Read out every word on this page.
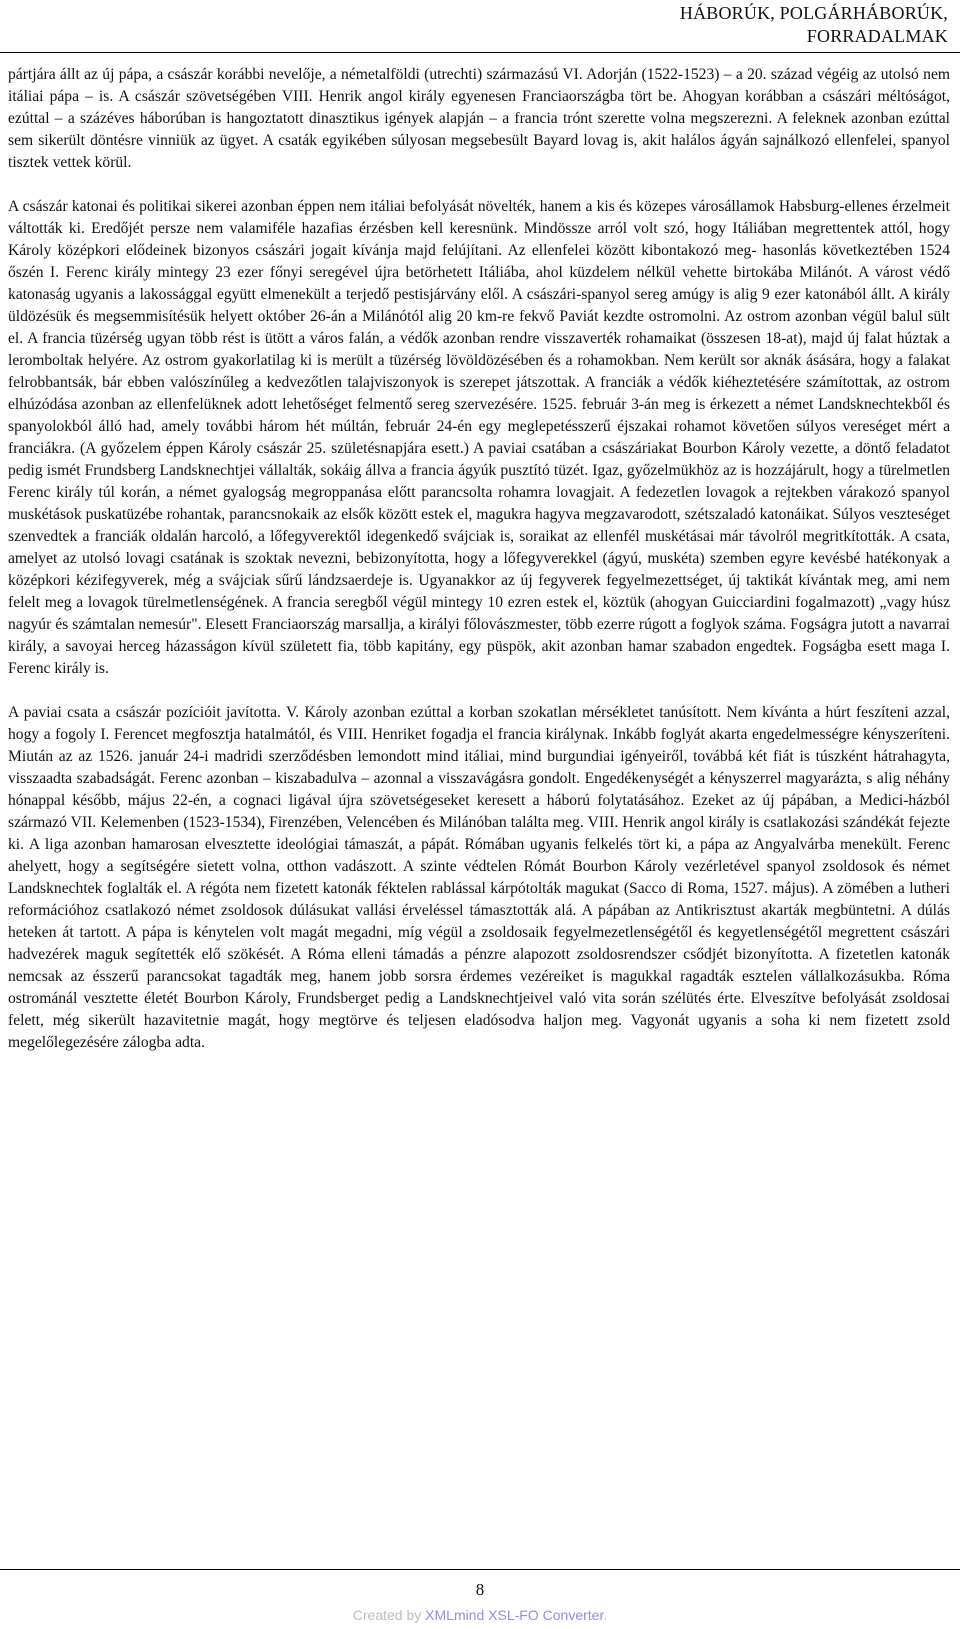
HÁBORÚK, POLGÁRHÁBORÚK,
FORRADALMAK

pártjára állt az új pápa, a császár korábbi nevelője, a németalföldi (utrechti) származású VI. Adorján (1522-1523) – a 20. század végéig az utolsó nem itáliai pápa – is. A császár szövetségében VIII. Henrik angol király egyenesen Franciaországba tört be. Ahogyan korábban a császári méltóságot, ezúttal – a százéves háborúban is hangoztatott dinasztikus igények alapján – a francia trónt szerette volna megszerezni. A feleknek azonban ezúttal sem sikerült döntésre vinniük az ügyet. A csaták egyikében súlyosan megsebesült Bayard lovag is, akit halálos ágyán sajnálkozó ellenfelei, spanyol tisztek vettek körül.

A császár katonai és politikai sikerei azonban éppen nem itáliai befolyását növelték, hanem a kis és közepes városállamok Habsburg-ellenes érzelmeit váltották ki. Eredőjét persze nem valamiféle hazafias érzésben kell keresnünk. Mindössze arról volt szó, hogy Itáliában megrettentek attól, hogy Károly középkori elődeinek bizonyos császári jogait kívánja majd felújítani. Az ellenfelei között kibontakozó meg- hasonlás következtében 1524 őszén I. Ferenc király mintegy 23 ezer főnyi seregével újra betörhetett Itáliába, ahol küzdelem nélkül vehette birtokába Milánót. A várost védő katonaság ugyanis a lakossággal együtt elmenekült a terjedő pestisjárvány elől. A császári-spanyol sereg amúgy is alig 9 ezer katonából állt. A király üldözésük és megsemmisítésük helyett október 26-án a Milánótól alig 20 km-re fekvő Paviát kezdte ostromolni. Az ostrom azonban végül balul sült el. A francia tüzérség ugyan több rést is ütött a város falán, a védők azonban rendre visszaverték rohamaikat (összesen 18-at), majd új falat húztak a leromboltak helyére. Az ostrom gyakorlatilag ki is merült a tüzérség lövöldözésében és a rohamokban. Nem került sor aknák ásására, hogy a falakat felrobbantsák, bár ebben valószínűleg a kedvezőtlen talajviszonyok is szerepet játszottak. A franciák a védők kiéheztetésére számítottak, az ostrom elhúzódása azonban az ellenfelüknek adott lehetőséget felmentő sereg szervezésére. 1525. február 3-án meg is érkezett a német Landsknechtekből és spanyolokból álló had, amely további három hét múltán, február 24-én egy meglepetésszerű éjszakai rohamot követően súlyos vereséget mért a franciákra. (A győzelem éppen Károly császár 25. születésnapjára esett.) A paviai csatában a császáriakat Bourbon Károly vezette, a döntő feladatot pedig ismét Frundsberg Landsknechtjei vállalták, sokáig állva a francia ágyúk pusztító tüzét. Igaz, győzelmükhöz az is hozzájárult, hogy a türelmetlen Ferenc király túl korán, a német gyalogság megroppanása előtt parancsolta rohamra lovagjait. A fedezetlen lovagok a rejtekben várakozó spanyol muskétások puskatüzébe rohantak, parancsnokaik az elsők között estek el, magukra hagyva megzavarodott, szétszaladó katonáikat. Súlyos veszteséget szenvedtek a franciák oldalán harcoló, a lőfegyverektől idegenkedő svájciak is, soraikat az ellenfél muskétásai már távolról megritkították. A csata, amelyet az utolsó lovagi csatának is szoktak nevezni, bebizonyította, hogy a lőfegyverekkel (ágyú, muskéta) szemben egyre kevésbé hatékonyak a középkori kézifegyverek, még a svájciak sűrű lándzsaerdeje is. Ugyanakkor az új fegyverek fegyelmezettséget, új taktikát kívántak meg, ami nem felelt meg a lovagok türelmetlenségének. A francia seregből végül mintegy 10 ezren estek el, köztük (ahogyan Guicciardini fogalmazott) „vagy húsz nagyúr és számtalan nemesúr". Elesett Franciaország marsallja, a királyi főlovászmester, több ezerre rúgott a foglyok száma. Fogságra jutott a navarrai király, a savoyai herceg házasságon kívül született fia, több kapitány, egy püspök, akit azonban hamar szabadon engedtek. Fogságba esett maga I. Ferenc király is.

A paviai csata a császár pozícióit javította. V. Károly azonban ezúttal a korban szokatlan mérsékletet tanúsított. Nem kívánta a húrt feszíteni azzal, hogy a fogoly I. Ferencet megfosztja hatalmától, és VIII. Henriket fogadja el francia királynak. Inkább foglyát akarta engedelmességre kényszeríteni. Miután az az 1526. január 24-i madridi szerződésben lemondott mind itáliai, mind burgundiai igényeiről, továbbá két fiát is túszként hátrahagyta, visszaadta szabadságát. Ferenc azonban – kiszabadulva – azonnal a visszavágásra gondolt. Engedékenységét a kényszerrel magyarázta, s alig néhány hónappal később, május 22-én, a cognaci ligával újra szövetségeseket keresett a háború folytatásához. Ezeket az új pápában, a Medici-házból származó VII. Kelemenben (1523-1534), Firenzében, Velencében és Milánóban találta meg. VIII. Henrik angol király is csatlakozási szándékát fejezte ki. A liga azonban hamarosan elvesztette ideológiai támaszát, a pápát. Rómában ugyanis felkelés tört ki, a pápa az Angyalvárba menekült. Ferenc ahelyett, hogy a segítségére sietett volna, otthon vadászott. A szinte védtelen Rómát Bourbon Károly vezérletével spanyol zsoldosok és német Landsknechtek foglalták el. A régóta nem fizetett katonák féktelen rablással kárpótolták magukat (Sacco di Roma, 1527. május). A zömében a lutheri reformációhoz csatlakozó német zsoldosok dúlásukat vallási érveléssel támasztották alá. A pápában az Antikrisztust akarták megbüntetni. A dúlás heteken át tartott. A pápa is kénytelen volt magát megadni, míg végül a zsoldosaik fegyelmezetlenségétől és kegyetlenségétől megrettent császári hadvezérek maguk segítették elő szökését. A Róma elleni támadás a pénzre alapozott zsoldosrendszer csődjét bizonyította. A fizetetlen katonák nemcsak az ésszerű parancsokat tagadták meg, hanem jobb sorsra érdemes vezéreiket is magukkal ragadták esztelen vállalkozásukba. Róma ostrománál vesztette életét Bourbon Károly, Frundsberget pedig a Landsknechtjeivel való vita során szélütés érte. Elveszítve befolyását zsoldosai felett, még sikerült hazavitetnie magát, hogy megtörve és teljesen eladósodva haljon meg. Vagyonát ugyanis a soha ki nem fizetett zsold megelőlegezésére zálogba adta.

8
Created by XMLmind XSL-FO Converter.
